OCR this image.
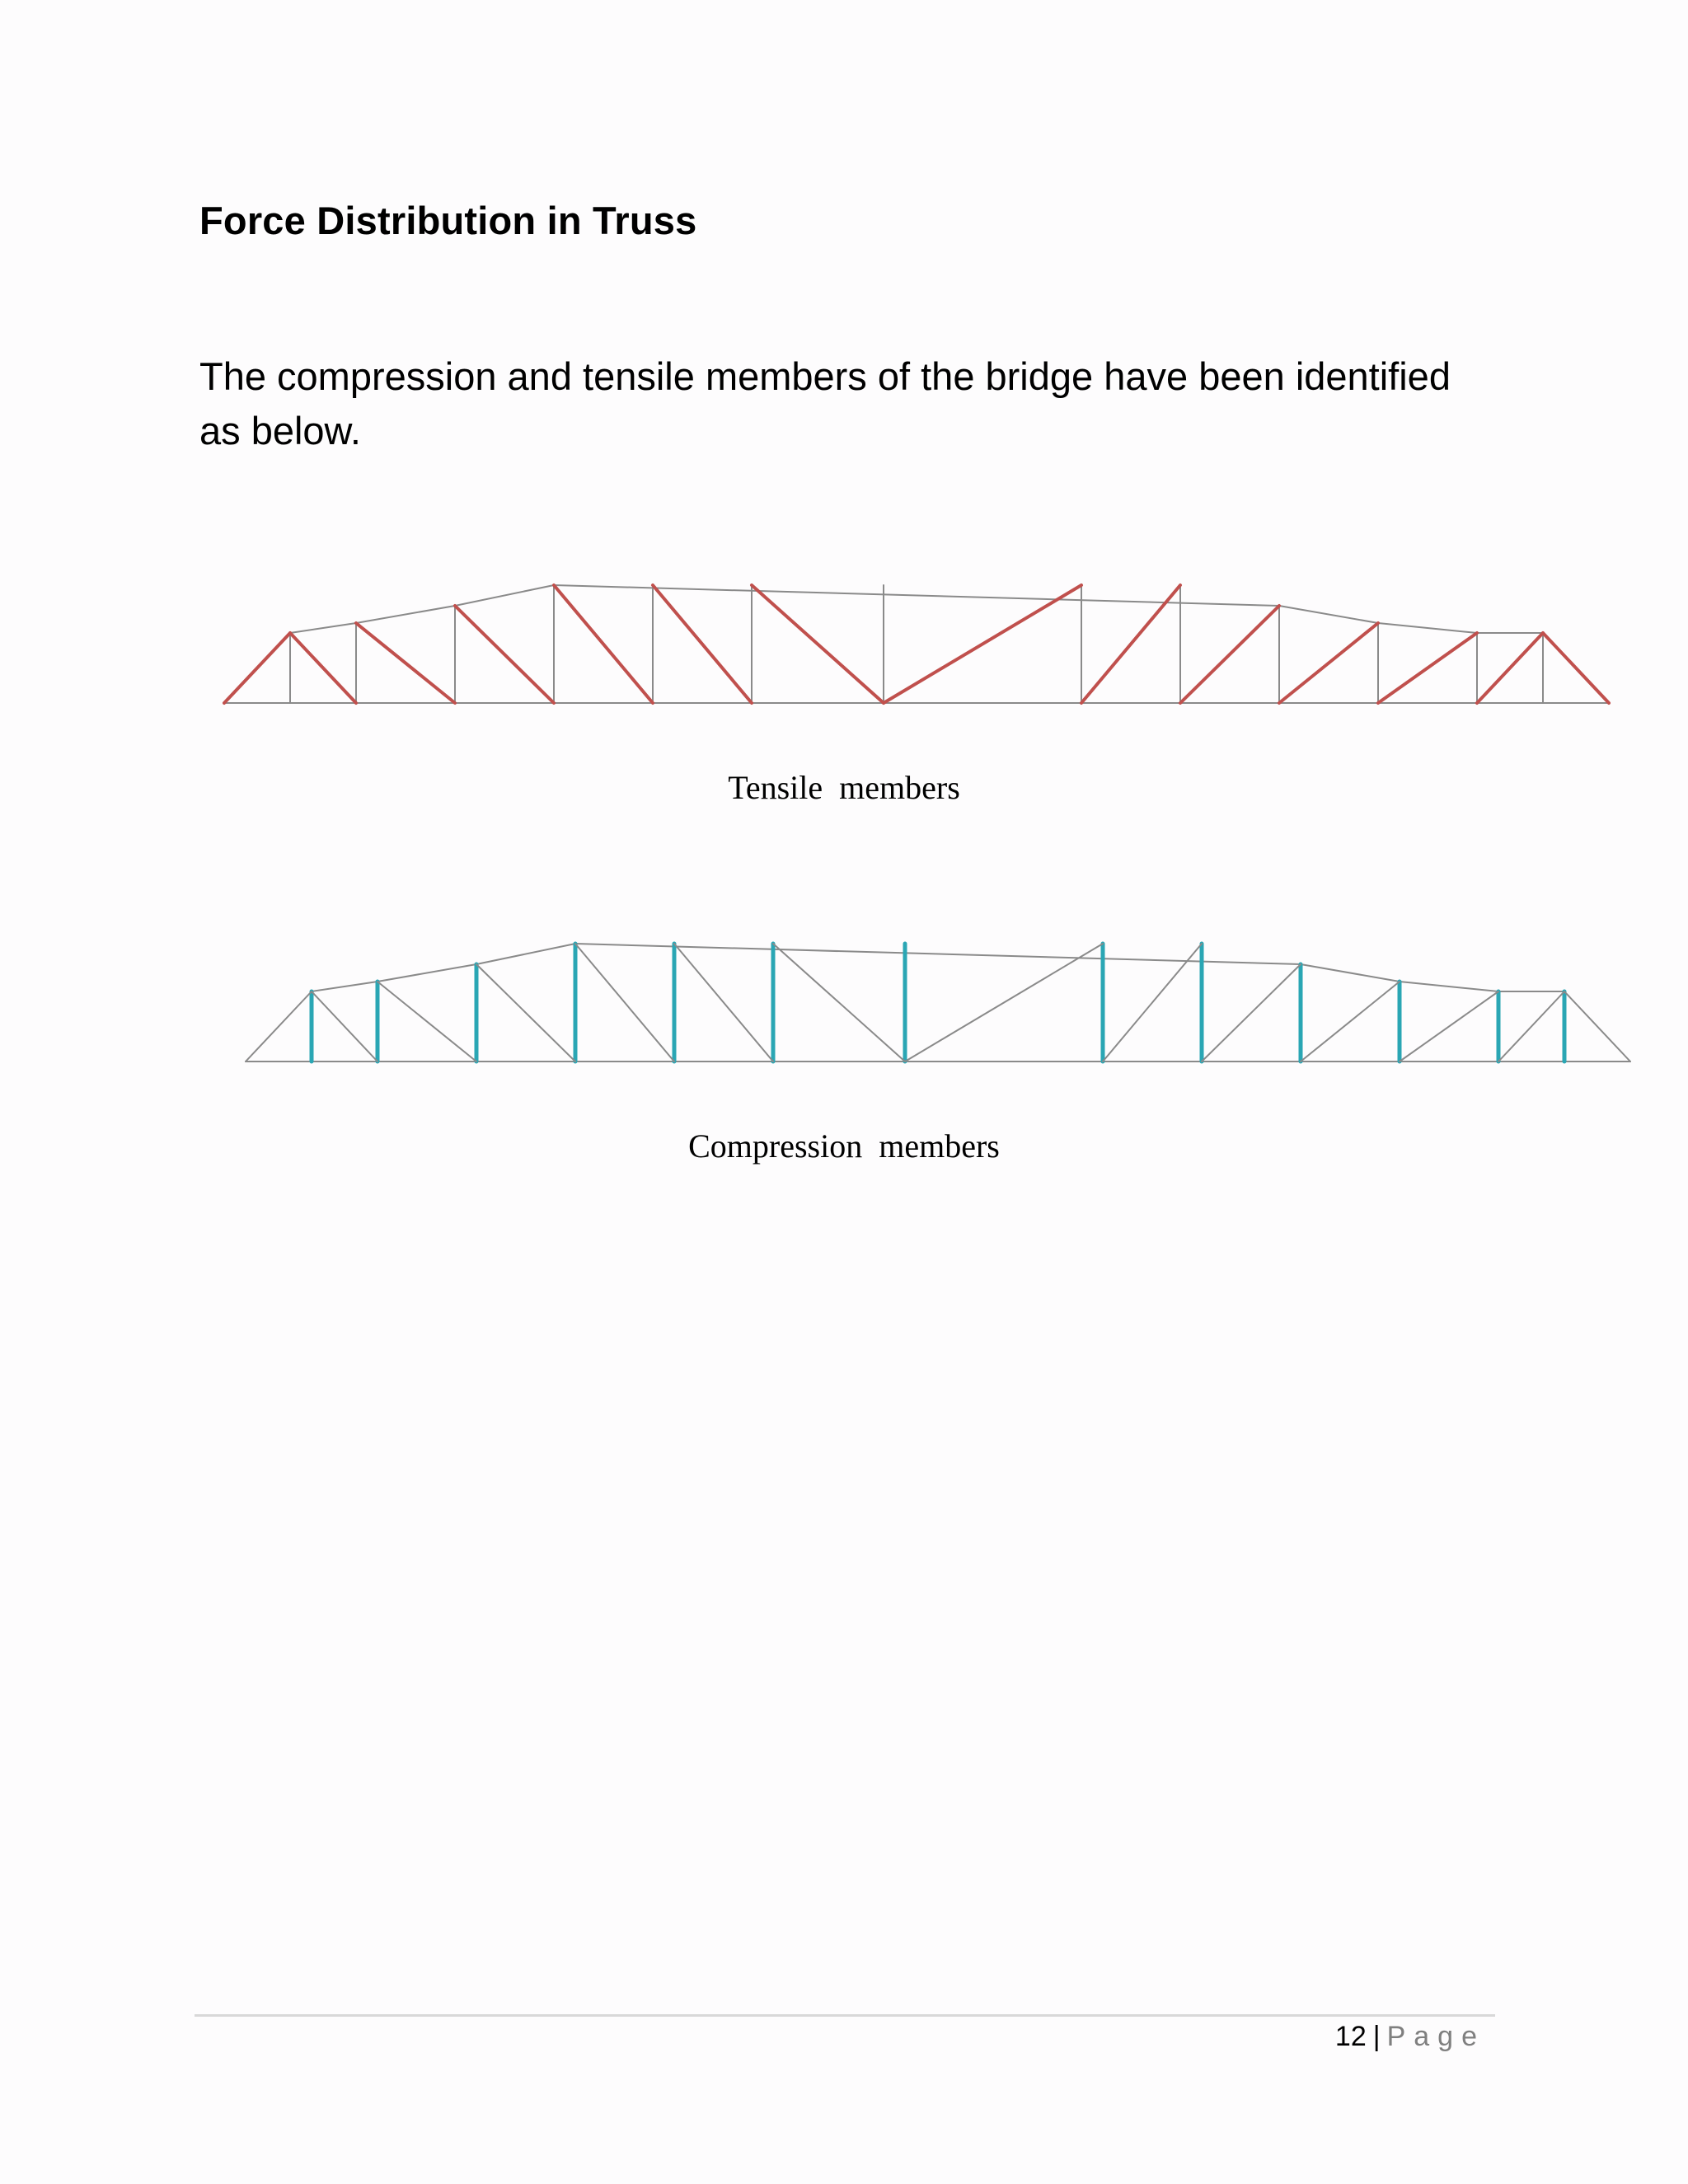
Force Distribution in Truss

The compression and tensile members of the bridge have been identified as below.

Tensile members
Compression members
12 | Page
